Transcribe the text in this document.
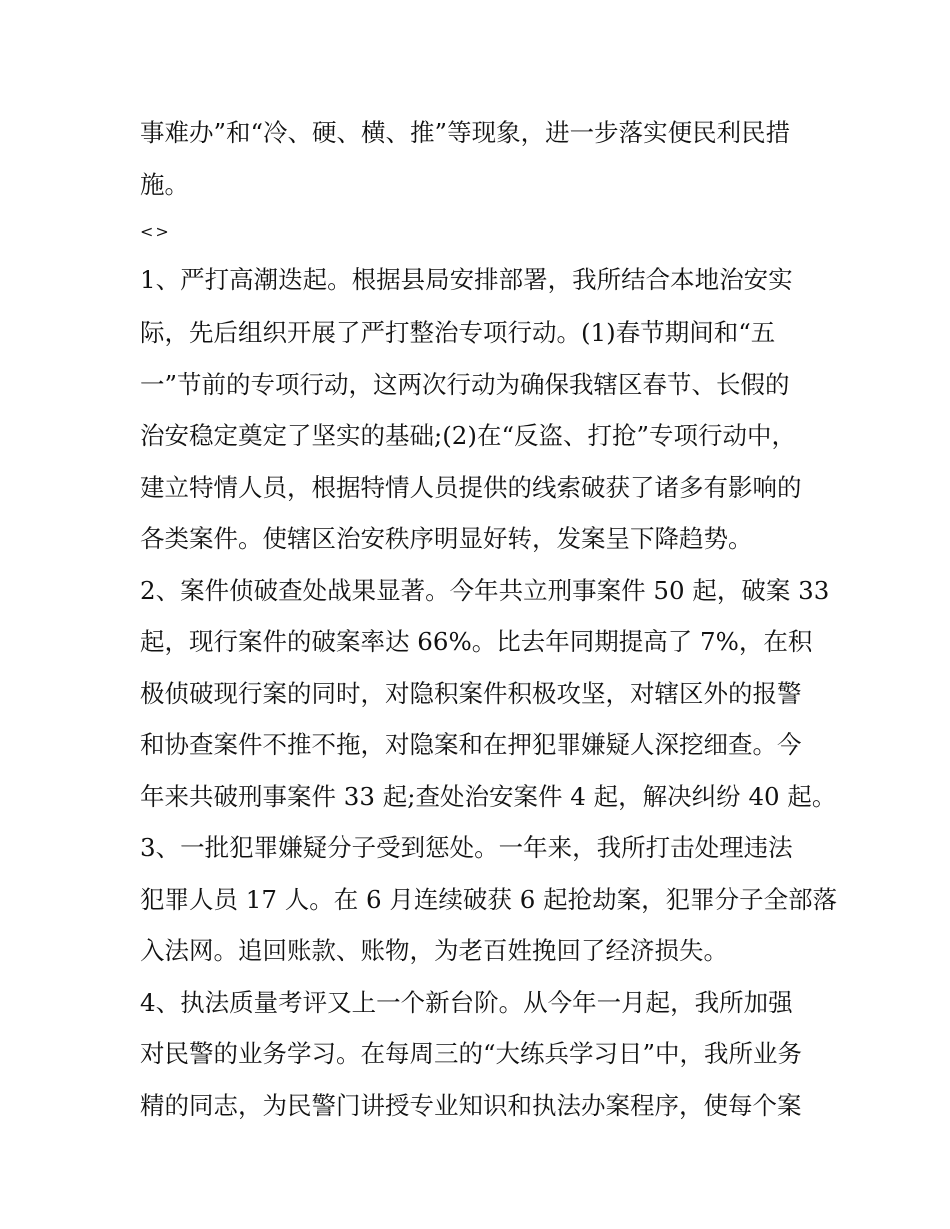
事难办”和“冷、硬、横、推”等现象，进一步落实便民利民措
施。
<>
1、严打高潮迭起。根据县局安排部署，我所结合本地治安实
际，先后组织开展了严打整治专项行动。(1)春节期间和“五
一”节前的专项行动，这两次行动为确保我辖区春节、长假的
治安稳定奠定了坚实的基础;(2)在“反盗、打抢”专项行动中，
建立特情人员，根据特情人员提供的线索破获了诸多有影响的
各类案件。使辖区治安秩序明显好转，发案呈下降趋势。
2、案件侦破查处战果显著。今年共立刑事案件 50 起，破案 33
起，现行案件的破案率达 66%。比去年同期提高了 7%，在积
极侦破现行案的同时，对隐积案件积极攻坚，对辖区外的报警
和协查案件不推不拖，对隐案和在押犯罪嫌疑人深挖细查。今
年来共破刑事案件 33 起;查处治安案件 4 起，解决纠纷 40 起。
3、一批犯罪嫌疑分子受到惩处。一年来，我所打击处理违法
犯罪人员 17 人。在 6 月连续破获 6 起抢劫案，犯罪分子全部落
入法网。追回账款、账物，为老百姓挽回了经济损失。
4、执法质量考评又上一个新台阶。从今年一月起，我所加强
对民警的业务学习。在每周三的“大练兵学习日”中，我所业务
精的同志，为民警门讲授专业知识和执法办案程序，使每个案
